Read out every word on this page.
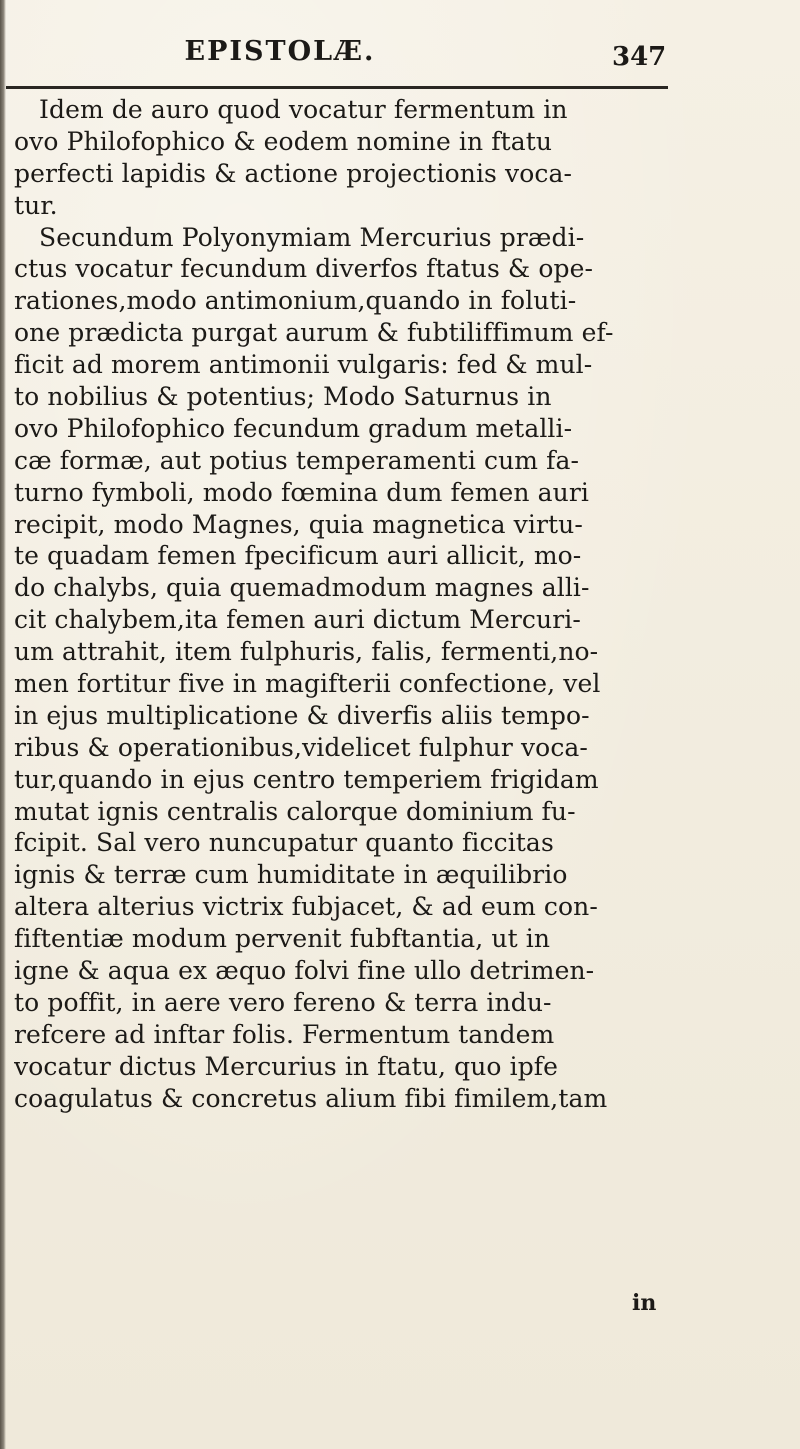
EPISTOLÆ.	347
Idem de auro quod vocatur fermentum in
ovo Philofophico & eodem nomine in ftatu
perfecti lapidis & actione projectionis voca-
tur.
Secundum Polyonymiam Mercurius prædi-
ctus vocatur fecundum diverfos ftatus & ope-
rationes,modo antimonium,quando in foluti-
one prædicta purgat aurum & fubtiliffimum ef-
ficit ad morem antimonii vulgaris: fed & mul-
to nobilius & potentius; Modo Saturnus in
ovo Philofophico fecundum gradum metalli-
cæ formæ, aut potius temperamenti cum fa-
turno fymboli, modo fœmina dum femen auri
recipit, modo Magnes, quia magnetica virtu-
te quadam femen fpecificum auri allicit, mo-
do chalybs, quia quemadmodum magnes alli-
cit chalybem,ita femen auri dictum Mercuri-
um attrahit, item fulphuris, falis, fermenti,no-
men fortitur five in magifterii confectione, vel
in ejus multiplicatione & diverfis aliis tempo-
ribus & operationibus,videlicet fulphur voca-
tur,quando in ejus centro temperiem frigidam
mutat ignis centralis calorque dominium fu-
fcipit. Sal vero nuncupatur quanto ficcitas
ignis & terræ cum humiditate in æquilibrio
altera alterius victrix fubjacet, & ad eum con-
fiftentiæ modum pervenit fubftantia, ut in
igne & aqua ex æquo folvi fine ullo detrimen-
to poffit, in aere vero fereno & terra indu-
refcere ad inftar folis. Fermentum tandem
vocatur dictus Mercurius in ftatu, quo ipfe
coagulatus & concretus alium fibi fimilem,tam
in
